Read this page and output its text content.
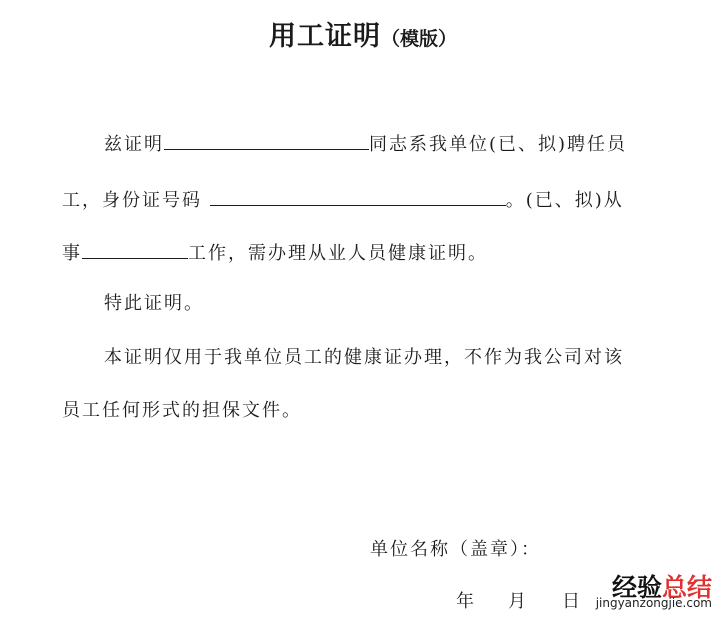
用工证明（模版）
兹证明	同志系我单位(已、拟)聘任员
工，身份证号码	。(已、拟)从
事	工作，需办理从业人员健康证明。
特此证明。
本证明仅用于我单位员工的健康证办理，不作为我公司对该
员工任何形式的担保文件。
单位名称（盖章）：
年 月 日	经验总结
jingyanzongjie.com
